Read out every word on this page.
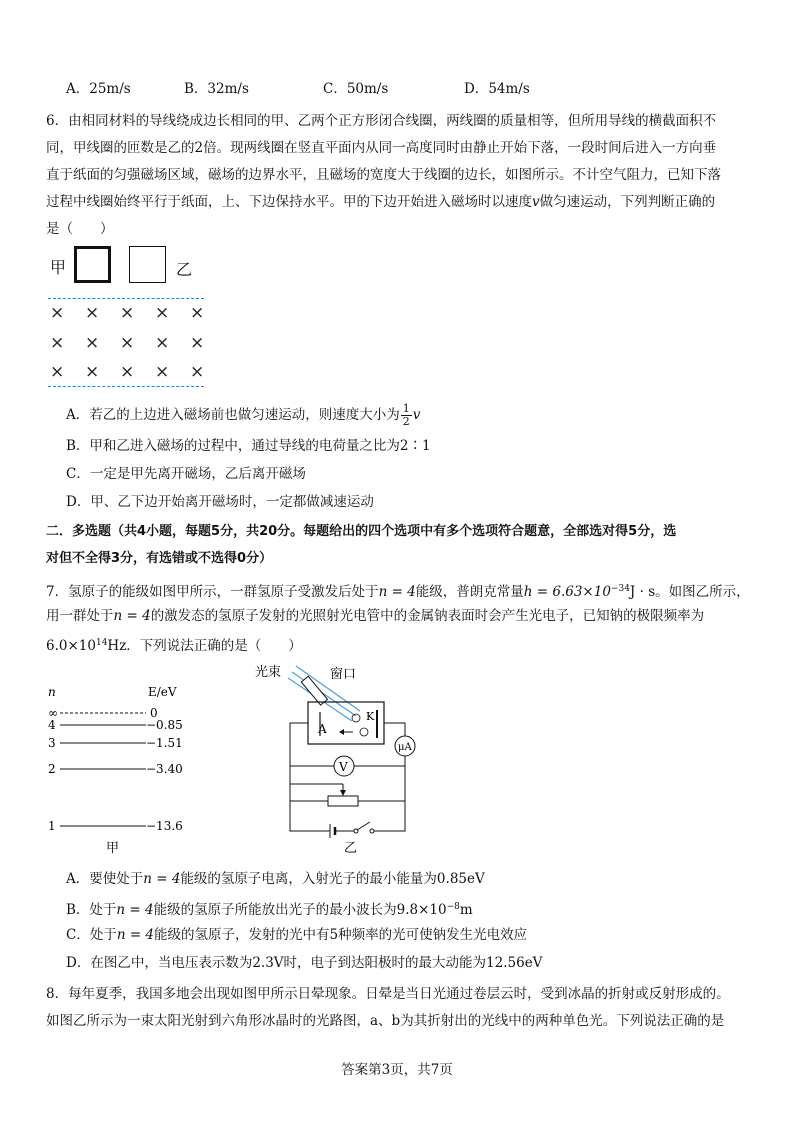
A．25m/s	B．32m/s	C．50m/s	D．54m/s
6．由相同材料的导线绕成边长相同的甲、乙两个正方形闭合线圈，两线圈的质量相等，但所用导线的横截面积不
同，甲线圈的匝数是乙的2倍。现两线圈在竖直平面内从同一高度同时由静止开始下落，一段时间后进入一方向垂
直于纸面的匀强磁场区域，磁场的边界水平，且磁场的宽度大于线圈的边长，如图所示。不计空气阻力，已知下落
过程中线圈始终平行于纸面，上、下边保持水平。甲的下边开始进入磁场时以速度v做匀速运动，下列判断正确的
是（　　）
甲	乙
× × × × ×
× × × × ×
× × × × ×
A．若乙的上边进入磁场前也做匀速运动，则速度大小为 $\frac{1}{2}$ v
B．甲和乙进入磁场的过程中，通过导线的电荷量之比为2∶1
C．一定是甲先离开磁场，乙后离开磁场
D．甲、乙下边开始离开磁场时，一定都做减速运动
二．多选题（共4小题，每题5分，共20分。每题给出的四个选项中有多个选项符合题意，全部选对得5分，选
对但不全得3分，有选错或不选得0分）
7．氢原子的能级如图甲所示，一群氢原子受激发后处于n = 4能级，普朗克常量$h = 6.63\times 10^{-34}J \cdot s$。如图乙所示，
用一群处于n = 4的激发态的氢原子发射的光照射光电管中的金属钠表面时会产生光电子，已知钠的极限频率为
$6.0\times 10^{14}Hz$．下列说法正确的是（　　）
n	E/eV
∞	0
4	−0.85
3	−1.51
2	−3.40
1	−13.6
甲
光束	窗口
A
K
μA
V
乙
A．要使处于n = 4能级的氢原子电离，入射光子的最小能量为0.85eV
B．处于n = 4能级的氢原子所能放出光子的最小波长为$9.8\times 10^{-8}m$
C．处于n = 4能级的氢原子，发射的光中有5种频率的光可使钠发生光电效应
D．在图乙中，当电压表示数为2.3V时，电子到达阳极时的最大动能为12.56eV
8．每年夏季，我国多地会出现如图甲所示日晕现象。日晕是当日光通过卷层云时，受到冰晶的折射或反射形成的。
如图乙所示为一束太阳光射到六角形冰晶时的光路图，a、b为其折射出的光线中的两种单色光。下列说法正确的是
答案第3页，共7页
